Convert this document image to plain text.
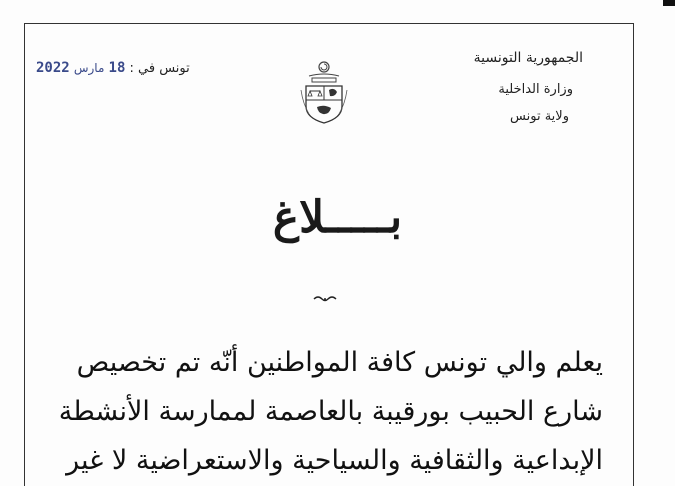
الجمهورية التونسية
وزارة الداخلية
ولاية تونس
تونس في : 18 مارس 2022
بـــــلاغ
يعلم والي تونس كافة المواطنين أنّه تم تخصيص
شارع الحبيب بورقيبة بالعاصمة لممارسة الأنشطة
الإبداعية والثقافية والسياحية والاستعراضية لا غير
